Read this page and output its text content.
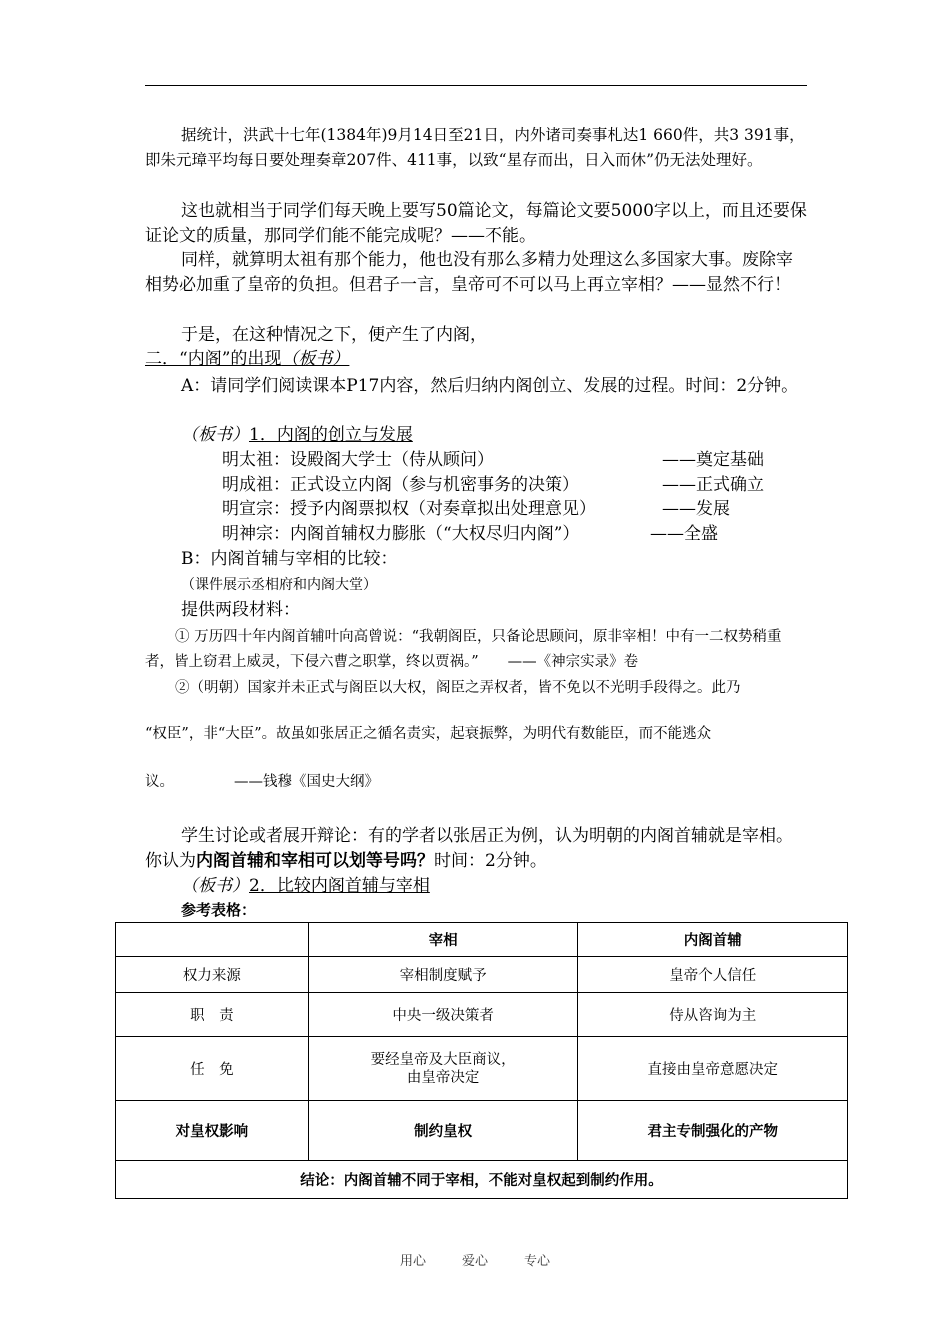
据统计，洪武十七年(1384年)9月14日至21日，内外诸司奏事札达1 660件，共3 391事，即朱元璋平均每日要处理奏章207件、411事，以致“星存而出，日入而休”仍无法处理好。

这也就相当于同学们每天晚上要写50篇论文，每篇论文要5000字以上，而且还要保证论文的质量，那同学们能不能完成呢？——不能。

同样，就算明太祖有那个能力，他也没有那么多精力处理这么多国家大事。废除宰相势必加重了皇帝的负担。但君子一言，皇帝可不可以马上再立宰相？——显然不行！

于是，在这种情况之下，便产生了内阁，

二．“内阁”的出现（板书）

A：请同学们阅读课本P17内容，然后归纳内阁创立、发展的过程。时间：2分钟。

（板书）1．内阁的创立与发展
明太祖：设殿阁大学士（侍从顾问）	——奠定基础
明成祖：正式设立内阁（参与机密事务的决策）	——正式确立
明宣宗：授予内阁票拟权（对奏章拟出处理意见）	——发展
明神宗：内阁首辅权力膨胀（“大权尽归内阁”）	——全盛
B：内阁首辅与宰相的比较：
（课件展示丞相府和内阁大堂）
提供两段材料：

① 万历四十年内阁首辅叶向高曾说：“我朝阁臣，只备论思顾问，原非宰相！中有一二权势稍重者，皆上窃君上威灵，下侵六曹之职掌，终以贾祸。”　　——《神宗实录》卷

②（明朝）国家并未正式与阁臣以大权，阁臣之弄权者，皆不免以不光明手段得之。此乃
“权臣”，非“大臣”。故虽如张居正之循名责实，起衰振弊，为明代有数能臣，而不能逃众
议。	——钱穆《国史大纲》

学生讨论或者展开辩论：有的学者以张居正为例，认为明朝的内阁首辅就是宰相。你认为内阁首辅和宰相可以划等号吗？时间：2分钟。

（板书）2．比较内阁首辅与宰相
参考表格：
	宰相	内阁首辅
权力来源	宰相制度赋予	皇帝个人信任
职　责	中央一级决策者	侍从咨询为主
任　免	要经皇帝及大臣商议，由皇帝决定	直接由皇帝意愿决定
对皇权影响	制约皇权	君主专制强化的产物
结论：内阁首辅不同于宰相，不能对皇权起到制约作用。		
用心	爱心	专心
